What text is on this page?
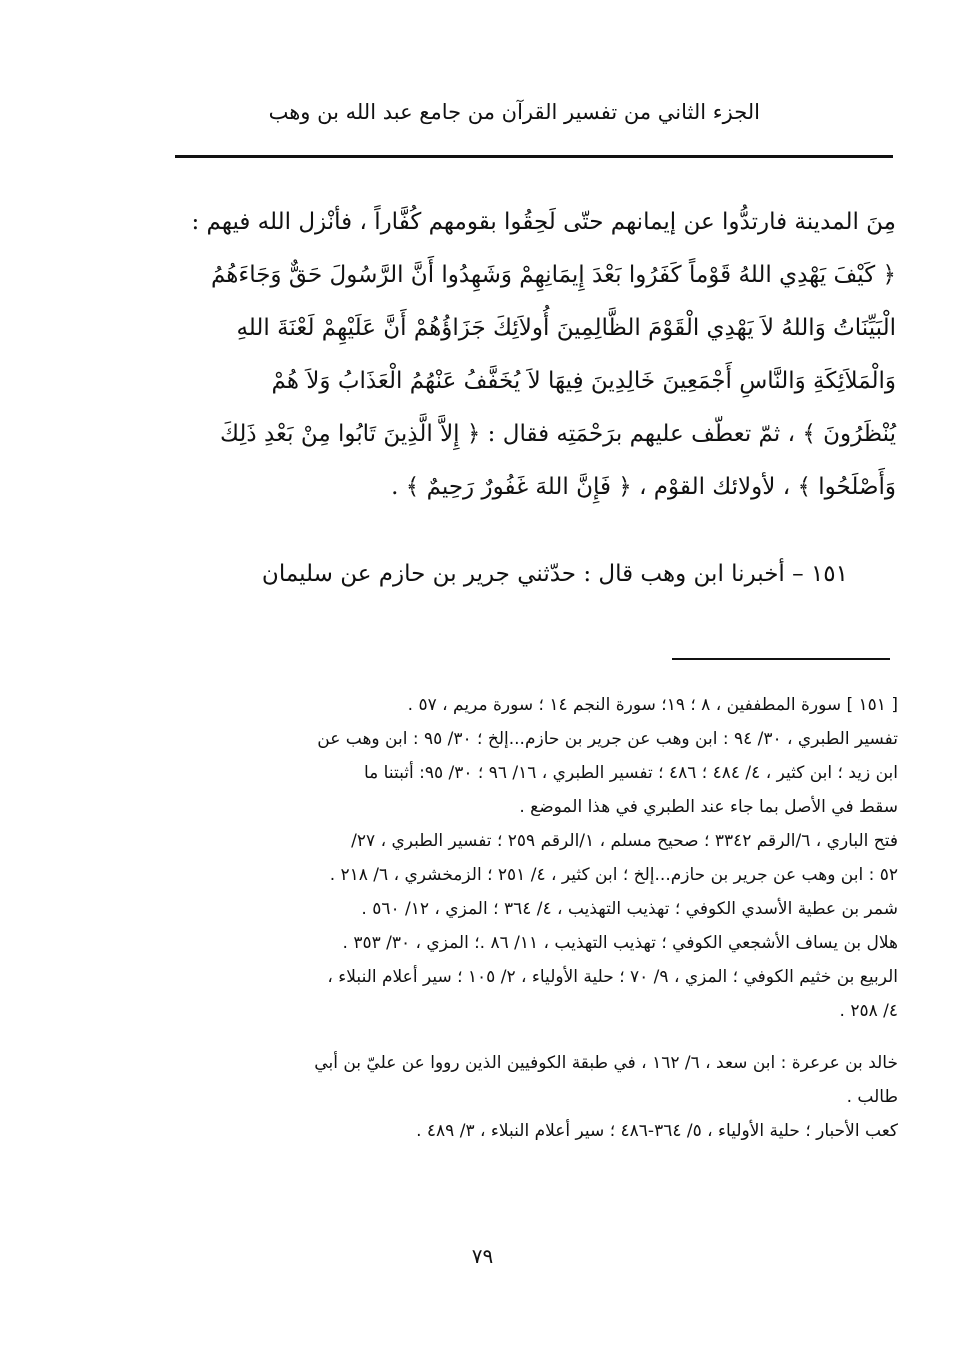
الجزء الثاني من تفسير القرآن من جامع عبد الله بن وهب
مِنَ المدينة فارتدُّوا عن إيمانهم حتّى لَحِقُوا بقومهم كُفَّاراً ، فأنْزل الله فيهم :
﴿ كَيْفَ يَهْدِي اللهُ قَوْماً كَفَرُوا بَعْدَ إِيمَانِهِمْ وَشَهِدُوا أَنَّ الرَّسُولَ حَقٌّ وَجَاءَهُمُ
الْبَيِّنَاتُ وَاللهُ لاَ يَهْدِي الْقَوْمَ الظَّالِمِينَ أُولاَئِكَ جَزَاؤُهُمْ أَنَّ عَلَيْهِمْ لَعْنَةَ اللهِ
وَالْمَلاَئِكَةِ وَالنَّاسِ أَجْمَعِينَ خَالِدِينَ فِيهَا لاَ يُخَفَّفُ عَنْهُمُ الْعَذَابُ وَلاَ هُمْ
يُنْظَرُونَ ﴾ ، ثمّ تعطّف عليهم برَحْمَتِه فقال : ﴿ إِلاَّ الَّذِينَ تَابُوا مِنْ بَعْدِ ذَلِكَ
وَأَصْلَحُوا ﴾ ، لأولائك القوْم ، ﴿ فَإِنَّ اللهَ غَفُورٌ رَحِيمٌ ﴾ .
١٥١ – أخبرنا ابن وهب قال : حدّثني جرير بن حازم عن سليمان
[ ١٥١ ] سورة المطففين ، ٨ ؛ ١٩؛ سورة النجم ١٤ ؛ سورة مريم ، ٥٧ .
تفسير الطبري ، ٣٠/ ٩٤ : ابن وهب عن جرير بن حازم...إلخ ؛ ٣٠/ ٩٥ : ابن وهب عن
ابن زيد ؛ ابن كثير ، ٤/ ٤٨٤ ؛ ٤٨٦ ؛ تفسير الطبري ، ١٦/ ٩٦ ؛ ٣٠/ ٩٥: أثبتنا ما
سقط في الأصل بما جاء عند الطبري في هذا الموضع .
فتح الباري ، ٦/الرقم ٣٣٤٢ ؛ صحيح مسلم ، ١/الرقم ٢٥٩ ؛ تفسير الطبري ، ٢٧/
٥٢ : ابن وهب عن جرير بن حازم...إلخ ؛ ابن كثير ، ٤/ ٢٥١ ؛ الزمخشري ، ٦/ ٢١٨ .
شمر بن عطية الأسدي الكوفي ؛ تهذيب التهذيب ، ٤/ ٣٦٤ ؛ المزي ، ١٢/ ٥٦٠ .
هلال بن يساف الأشجعي الكوفي ؛ تهذيب التهذيب ، ١١/ ٨٦ .؛ المزي ، ٣٠/ ٣٥٣ .
الربيع بن خثيم الكوفي ؛ المزي ، ٩/ ٧٠ ؛ حلية الأولياء ، ٢/ ١٠٥ ؛ سير أعلام النبلاء ،
٤/ ٢٥٨ .
خالد بن عرعرة : ابن سعد ، ٦/ ١٦٢ ، في طبقة الكوفيين الذين رووا عن عليّ بن أبي
طالب .
كعب الأحبار ؛ حلية الأولياء ، ٥/ ٣٦٤-٤٨٦ ؛ سير أعلام النبلاء ، ٣/ ٤٨٩ .
٧٩
